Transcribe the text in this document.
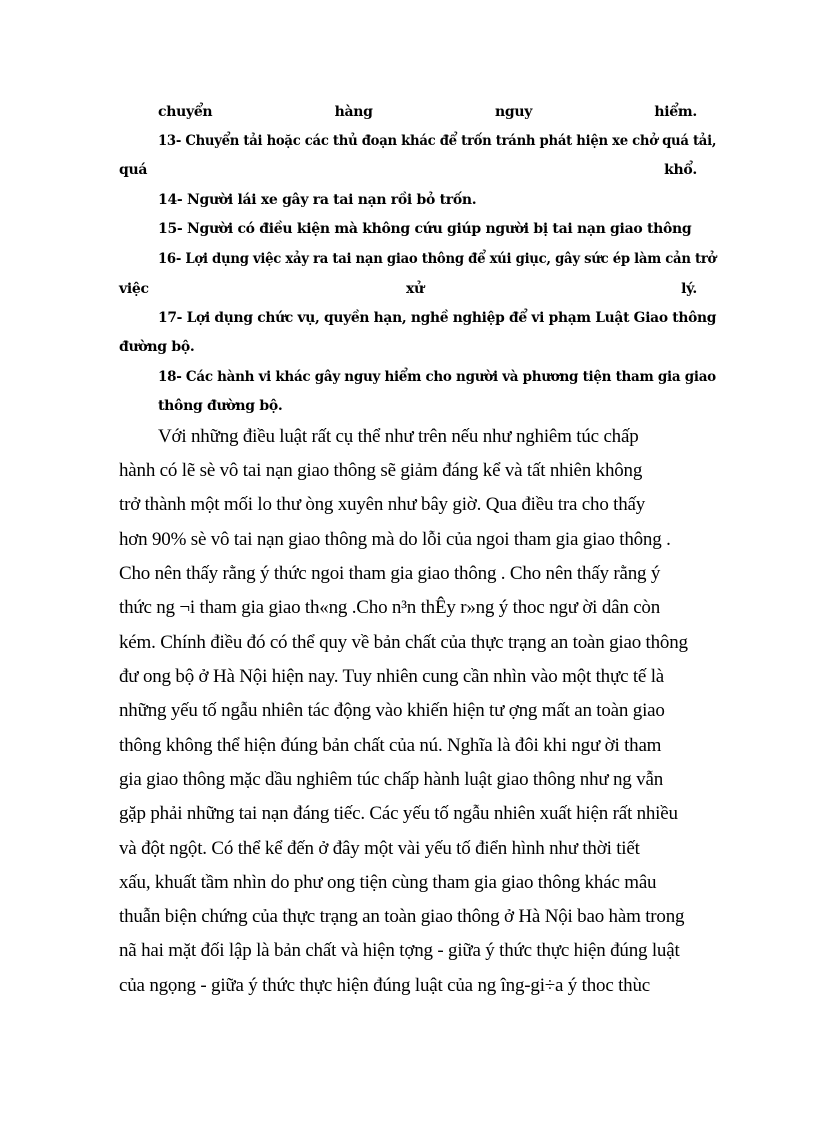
chuyển	hàng	nguy	hiểm.
13- Chuyển tải hoặc các thủ đoạn khác để trốn tránh phát hiện xe chở quá tải,
quá	khổ.
14- Người lái xe gây ra tai nạn rồi bỏ trốn.
15- Người có điều kiện mà không cứu giúp người bị tai nạn giao thông
16- Lợi dụng việc xảy ra tai nạn giao thông để xúi giục, gây sức ép làm cản trở
việc	xử	lý.
17- Lợi dụng chức vụ, quyền hạn, nghề nghiệp để vi phạm Luật Giao thông
đường bộ.
18- Các hành vi khác gây nguy hiểm cho người và phương tiện tham gia giao
thông đường bộ.
Với những điều luật rất cụ thể như trên nếu như nghiêm túc chấp
hành có lẽ sè vô tai nạn giao thông sẽ giảm đáng kể và tất nhiên không
trở thành một mối lo thư òng xuyên như bây giờ. Qua điều tra cho thấy
hơn 90% sè vô tai nạn giao thông mà do lỗi của ngoi tham gia giao thông .
Cho nên thấy rằng ý thức ngoi tham gia giao thông . Cho nên thấy rằng ý
thức ng ¬i tham gia giao th«ng .Cho n³n thÊy r»ng ý thoc ngư ời dân còn
kém. Chính điều đó có thể quy về bản chất của thực trạng an toàn giao thông
đư ong bộ ở Hà Nội hiện nay. Tuy nhiên cung cần nhìn vào một thực tế là
những yếu tố ngẫu nhiên tác động vào khiến hiện tư ợng mất an toàn giao
thông không thể hiện đúng bản chất của nú. Nghĩa là đôi khi ngư ời tham
gia giao thông mặc dầu nghiêm túc chấp hành luật giao thông như ng vẫn
gặp phải những tai nạn đáng tiếc. Các yếu tố ngẫu nhiên xuất hiện rất nhiều
và đột ngột. Có thể kể đến ở đây một vài yếu tố điển hình như thời tiết
xấu, khuất tầm nhìn do phư ong tiện cùng tham gia giao thông khác mâu
thuẫn biện chứng của thực trạng an toàn giao thông ở Hà Nội bao hàm trong
nã hai mặt đối lập là bản chất và hiện tợng - giữa ý thức thực hiện đúng luật
của ngọng - giữa ý thức thực hiện đúng luật của ng îng-gi÷a ý thoc thùc
